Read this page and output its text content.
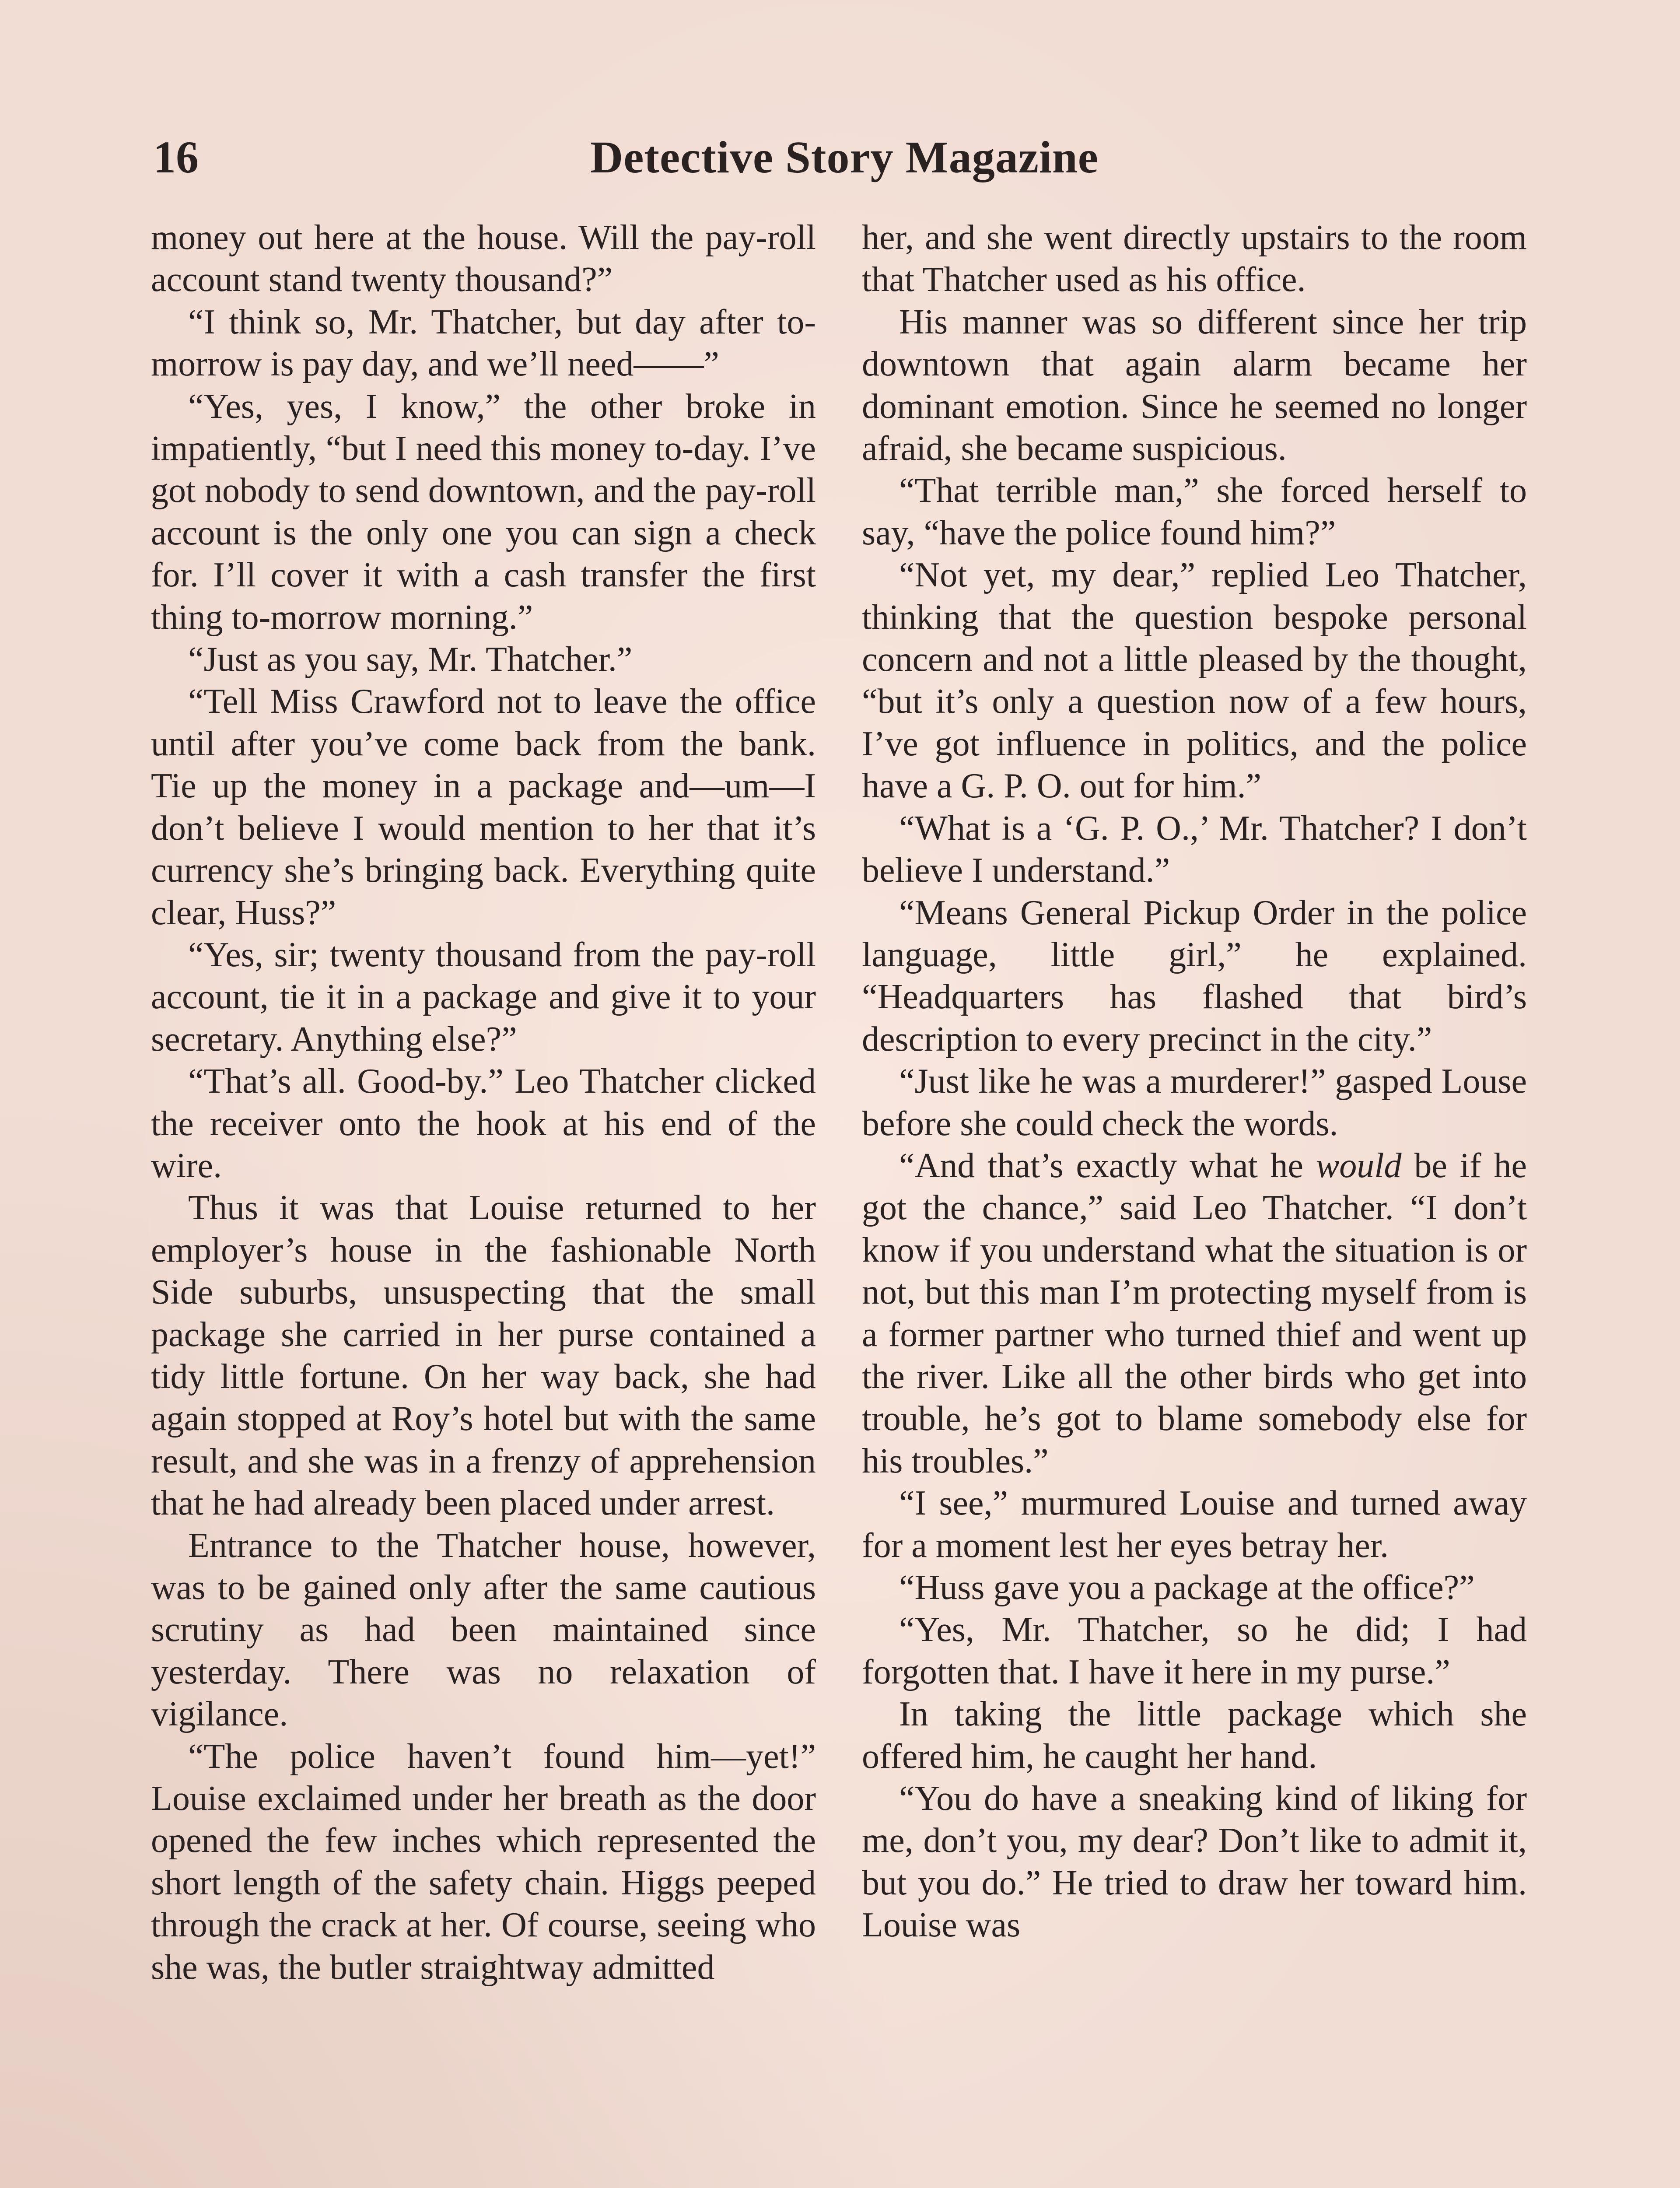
16	Detective Story Magazine

money out here at the house. Will the pay-roll account stand twenty thousand?”

“I think so, Mr. Thatcher, but day after to-morrow is pay day, and we’ll need——”

“Yes, yes, I know,” the other broke in impatiently, “but I need this money to-day. I’ve got nobody to send downtown, and the pay-roll account is the only one you can sign a check for. I’ll cover it with a cash transfer the first thing to-morrow morning.”

“Just as you say, Mr. Thatcher.”

“Tell Miss Crawford not to leave the office until after you’ve come back from the bank. Tie up the money in a package and—um—I don’t believe I would mention to her that it’s currency she’s bringing back. Everything quite clear, Huss?”

“Yes, sir; twenty thousand from the pay-roll account, tie it in a package and give it to your secretary. Anything else?”

“That’s all. Good-by.” Leo Thatcher clicked the receiver onto the hook at his end of the wire.

Thus it was that Louise returned to her employer’s house in the fashionable North Side suburbs, unsuspecting that the small package she carried in her purse contained a tidy little fortune. On her way back, she had again stopped at Roy’s hotel but with the same result, and she was in a frenzy of apprehension that he had already been placed under arrest.

Entrance to the Thatcher house, however, was to be gained only after the same cautious scrutiny as had been maintained since yesterday. There was no relaxation of vigilance.

“The police haven’t found him—yet!” Louise exclaimed under her breath as the door opened the few inches which represented the short length of the safety chain. Higgs peeped through the crack at her. Of course, seeing who she was, the butler straightway admitted

her, and she went directly upstairs to the room that Thatcher used as his office.

His manner was so different since her trip downtown that again alarm became her dominant emotion. Since he seemed no longer afraid, she became suspicious.

“That terrible man,” she forced herself to say, “have the police found him?”

“Not yet, my dear,” replied Leo Thatcher, thinking that the question bespoke personal concern and not a little pleased by the thought, “but it’s only a question now of a few hours, I’ve got influence in politics, and the police have a G. P. O. out for him.”

“What is a ‘G. P. O.,’ Mr. Thatcher? I don’t believe I understand.”

“Means General Pickup Order in the police language, little girl,” he explained. “Headquarters has flashed that bird’s description to every precinct in the city.”

“Just like he was a murderer!” gasped Louse before she could check the words.

“And that’s exactly what he would be if he got the chance,” said Leo Thatcher. “I don’t know if you understand what the situation is or not, but this man I’m protecting myself from is a former partner who turned thief and went up the river. Like all the other birds who get into trouble, he’s got to blame somebody else for his troubles.”

“I see,” murmured Louise and turned away for a moment lest her eyes betray her.

“Huss gave you a package at the office?”

“Yes, Mr. Thatcher, so he did; I had forgotten that. I have it here in my purse.”

In taking the little package which she offered him, he caught her hand.

“You do have a sneaking kind of liking for me, don’t you, my dear? Don’t like to admit it, but you do.” He tried to draw her toward him. Louise was
